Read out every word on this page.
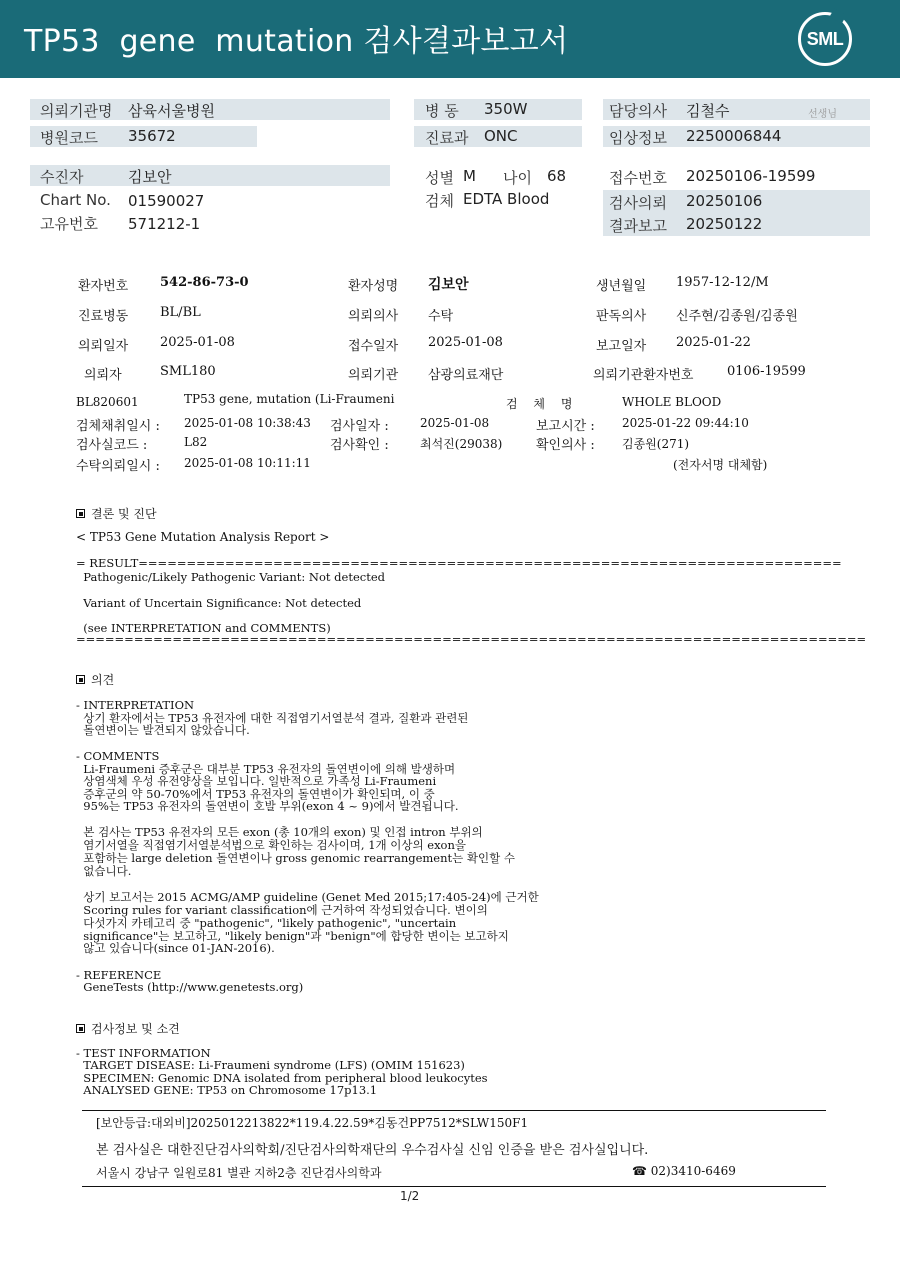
TP53  gene  mutation 검사결과보고서	SML
의뢰기관명 삼육서울병원
병원코드 35672
병 동 350W
진료과 ONC
담당의사 김철수	선생님
임상정보 2250006844
수진자	김보안
Chart No. 01590027
고유번호 571212-1
성별 M 나이 68
검체 EDTA Blood
접수번호 20250106-19599
검사의뢰 20250106
결과보고 20250122
환자번호 542-86-73-0	환자성명 김보안	생년월일 1957-12-12/M
진료병동 BL/BL	의뢰의사 수탁	판독의사 신주현/김종원/김종원
의뢰일자 2025-01-08	접수일자 2025-01-08	보고일자 2025-01-22
의뢰자	SML180	의뢰기관 삼광의료재단	의뢰기관환자번호	0106-19599
BL820601	TP53 gene, mutation (Li-Fraumeni	검 체 명	WHOLE BLOOD
검체채취일시 : 2025-01-08 10:38:43 검사일자 :	2025-01-08	보고시간 : 2025-01-22 09:44:10
검사실코드 :	L82	검사확인 :	최석진(29038)	확인의사 : 김종원(271)
수탁의뢰일시 : 2025-01-08 10:11:11	(전자서명 대체함)
결론 및 진단
< TP53 Gene Mutation Analysis Report >
= RESULT=========================================================================
Pathogenic/Likely Pathogenic Variant: Not detected
Variant of Uncertain Significance: Not detected
(see INTERPRETATION and COMMENTS)
==================================================================================
의견
- INTERPRETATION
상기 환자에서는 TP53 유전자에 대한 직접염기서열분석 결과, 질환과 관련된
돌연변이는 발견되지 않았습니다.
- COMMENTS
Li-Fraumeni 증후군은 대부분 TP53 유전자의 돌연변이에 의해 발생하며
상염색체 우성 유전양상을 보입니다. 일반적으로 가족성 Li-Fraumeni
증후군의 약 50-70%에서 TP53 유전자의 돌연변이가 확인되며, 이 중
95%는 TP53 유전자의 돌연변이 호발 부위(exon 4 ~ 9)에서 발견됩니다.
본 검사는 TP53 유전자의 모든 exon (총 10개의 exon) 및 인접 intron 부위의
염기서열을 직접염기서열분석법으로 확인하는 검사이며, 1개 이상의 exon을
포함하는 large deletion 돌연변이나 gross genomic rearrangement는 확인할 수
없습니다.
상기 보고서는 2015 ACMG/AMP guideline (Genet Med 2015;17:405-24)에 근거한
Scoring rules for variant classification에 근거하여 작성되었습니다. 변이의
다섯가지 카테고리 중 "pathogenic", "likely pathogenic", "uncertain
significance"는 보고하고, "likely benign"과 "benign"에 합당한 변이는 보고하지
않고 있습니다(since 01-JAN-2016).
- REFERENCE
GeneTests (http://www.genetests.org)
검사정보 및 소견
- TEST INFORMATION
TARGET DISEASE: Li-Fraumeni syndrome (LFS) (OMIM 151623)
SPECIMEN: Genomic DNA isolated from peripheral blood leukocytes
ANALYSED GENE: TP53 on Chromosome 17p13.1
[보안등급:대외비]2025012213822*119.4.22.59*김동건PP7512*SLW150F1
본 검사실은 대한진단검사의학회/진단검사의학재단의 우수검사실 신임 인증을 받은 검사실입니다.
서울시 강남구 일원로81 별관 지하2층 진단검사의학과	☎ 02)3410-6469
1/2
